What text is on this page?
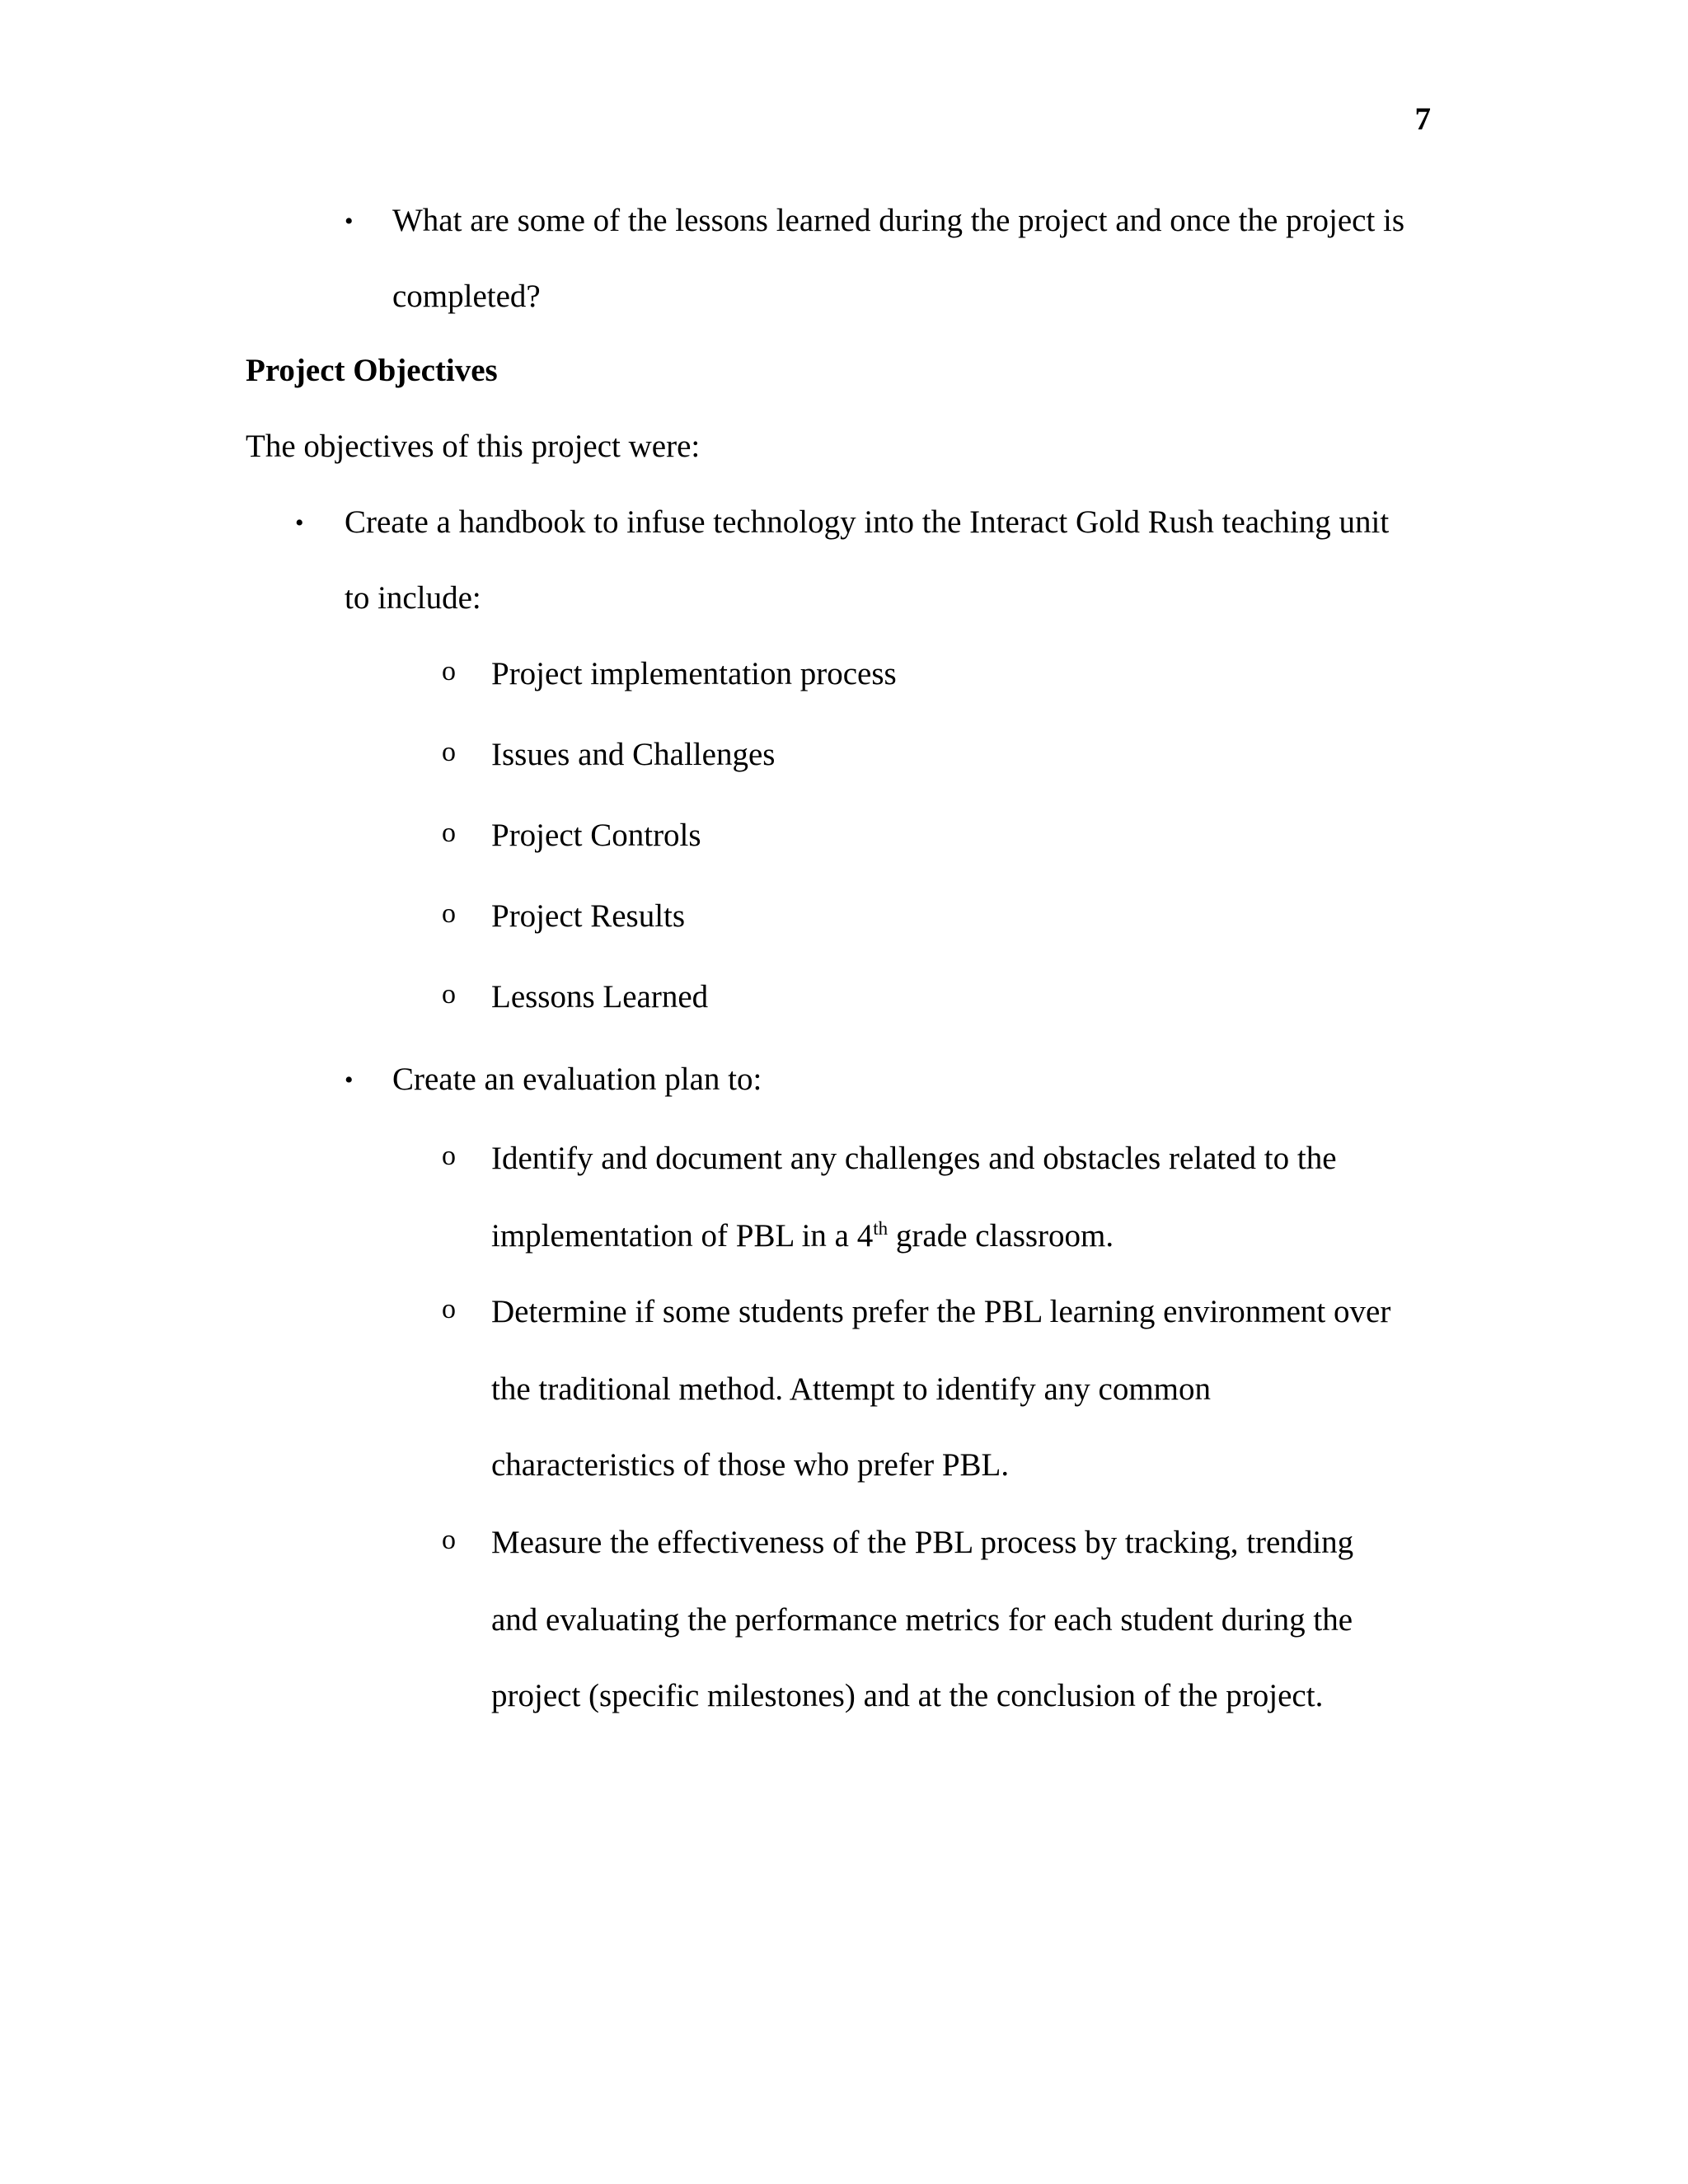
7
• What are some of the lessons learned during the project and once the project is
completed?
Project Objectives
The objectives of this project were:
• Create a handbook to infuse technology into the Interact Gold Rush teaching unit
to include:
o Project implementation process
o Issues and Challenges
o Project Controls
o Project Results
o Lessons Learned
• Create an evaluation plan to:
o Identify and document any challenges and obstacles related to the
implementation of PBL in a 4th grade classroom.
o Determine if some students prefer the PBL learning environment over
the traditional method. Attempt to identify any common
characteristics of those who prefer PBL.
o Measure the effectiveness of the PBL process by tracking, trending
and evaluating the performance metrics for each student during the
project (specific milestones) and at the conclusion of the project.
